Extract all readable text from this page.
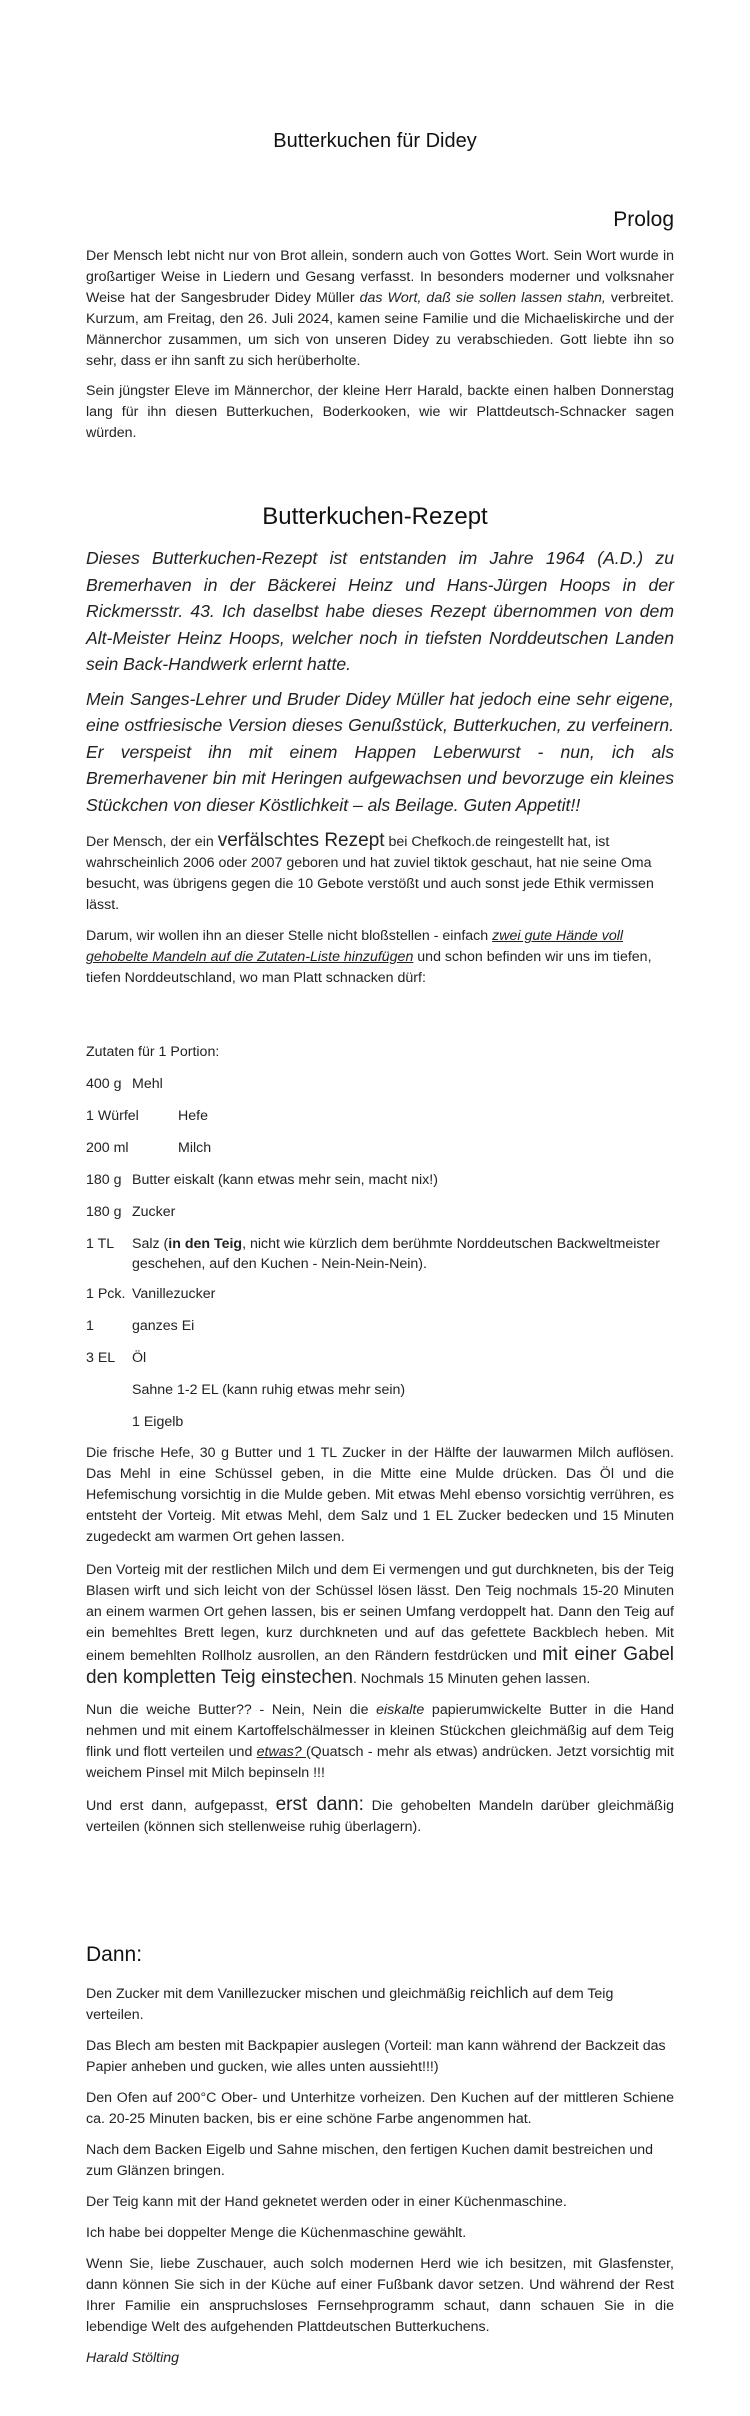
Butterkuchen für Didey
Prolog

Der Mensch lebt nicht nur von Brot allein, sondern auch von Gottes Wort. Sein Wort wurde in großartiger Weise in Liedern und Gesang verfasst. In besonders moderner und volksnaher Weise hat der Sangesbruder Didey Müller das Wort, daß sie sollen lassen stahn, verbreitet. Kurzum, am Freitag, den 26. Juli 2024, kamen seine Familie und die Michaeliskirche und der Männerchor zusammen, um sich von unseren Didey zu verabschieden. Gott liebte ihn so sehr, dass er ihn sanft zu sich herüberholte.

Sein jüngster Eleve im Männerchor, der kleine Herr Harald, backte einen halben Donnerstag lang für ihn diesen Butterkuchen, Boderkooken, wie wir Plattdeutsch-Schnacker sagen würden.

Butterkuchen-Rezept

Dieses Butterkuchen-Rezept ist entstanden im Jahre 1964 (A.D.) zu Bremerhaven in der Bäckerei Heinz und Hans-Jürgen Hoops in der Rickmersstr. 43. Ich daselbst habe dieses Rezept übernommen von dem Alt-Meister Heinz Hoops, welcher noch in tiefsten Norddeutschen Landen sein Back-Handwerk erlernt hatte.

Mein Sanges-Lehrer und Bruder Didey Müller hat jedoch eine sehr eigene, eine ostfriesische Version dieses Genußstück, Butterkuchen, zu verfeinern. Er verspeist ihn mit einem Happen Leberwurst - nun, ich als Bremerhavener bin mit Heringen aufgewachsen und bevorzuge ein kleines Stückchen von dieser Köstlichkeit – als Beilage. Guten Appetit!!

Der Mensch, der ein verfälschtes Rezept bei Chefkoch.de reingestellt hat, ist wahrscheinlich 2006 oder 2007 geboren und hat zuviel tiktok geschaut, hat nie seine Oma besucht, was übrigens gegen die 10 Gebote verstößt und auch sonst jede Ethik vermissen lässt.

Darum, wir wollen ihn an dieser Stelle nicht bloßstellen - einfach zwei gute Hände voll gehobelte Mandeln auf die Zutaten-Liste hinzufügen und schon befinden wir uns im tiefen, tiefen Norddeutschland, wo man Platt schnacken dürf:

Zutaten für 1 Portion:
400 g Mehl
1 Würfel	Hefe
200 ml	Milch
180 g Butter eiskalt (kann etwas mehr sein, macht nix!)
180 g Zucker
1 TL	Salz (in den Teig, nicht wie kürzlich dem berühmte Norddeutschen Backweltmeister geschehen, auf den Kuchen - Nein-Nein-Nein).
1 Pck. Vanillezucker
1	ganzes Ei
3 EL Öl
Sahne 1-2 EL (kann ruhig etwas mehr sein)
1 Eigelb

Die frische Hefe, 30 g Butter und 1 TL Zucker in der Hälfte der lauwarmen Milch auflösen. Das Mehl in eine Schüssel geben, in die Mitte eine Mulde drücken. Das Öl und die Hefemischung vorsichtig in die Mulde geben. Mit etwas Mehl ebenso vorsichtig verrühren, es entsteht der Vorteig. Mit etwas Mehl, dem Salz und 1 EL Zucker bedecken und 15 Minuten zugedeckt am warmen Ort gehen lassen.

Den Vorteig mit der restlichen Milch und dem Ei vermengen und gut durchkneten, bis der Teig Blasen wirft und sich leicht von der Schüssel lösen lässt. Den Teig nochmals 15-20 Minuten an einem warmen Ort gehen lassen, bis er seinen Umfang verdoppelt hat. Dann den Teig auf ein bemehltes Brett legen, kurz durchkneten und auf das gefettete Backblech heben. Mit einem bemehlten Rollholz ausrollen, an den Rändern festdrücken und mit einer Gabel den kompletten Teig einstechen. Nochmals 15 Minuten gehen lassen.

Nun die weiche Butter?? - Nein, Nein die eiskalte papierumwickelte Butter in die Hand nehmen und mit einem Kartoffelschälmesser in kleinen Stückchen gleichmäßig auf dem Teig flink und flott verteilen und etwas? (Quatsch - mehr als etwas) andrücken. Jetzt vorsichtig mit weichem Pinsel mit Milch bepinseln !!!

Und erst dann, aufgepasst, erst dann: Die gehobelten Mandeln darüber gleichmäßig verteilen (können sich stellenweise ruhig überlagern).

Dann:

Den Zucker mit dem Vanillezucker mischen und gleichmäßig reichlich auf dem Teig verteilen.

Das Blech am besten mit Backpapier auslegen (Vorteil: man kann während der Backzeit das Papier anheben und gucken, wie alles unten aussieht!!!)

Den Ofen auf 200°C Ober- und Unterhitze vorheizen. Den Kuchen auf der mittleren Schiene ca. 20-25 Minuten backen, bis er eine schöne Farbe angenommen hat.

Nach dem Backen Eigelb und Sahne mischen, den fertigen Kuchen damit bestreichen und zum Glänzen bringen.

Der Teig kann mit der Hand geknetet werden oder in einer Küchenmaschine.

Ich habe bei doppelter Menge die Küchenmaschine gewählt.

Wenn Sie, liebe Zuschauer, auch solch modernen Herd wie ich besitzen, mit Glasfenster, dann können Sie sich in der Küche auf einer Fußbank davor setzen. Und während der Rest Ihrer Familie ein anspruchsloses Fernsehprogramm schaut, dann schauen Sie in die lebendige Welt des aufgehenden Plattdeutschen Butterkuchens.

Harald Stölting
